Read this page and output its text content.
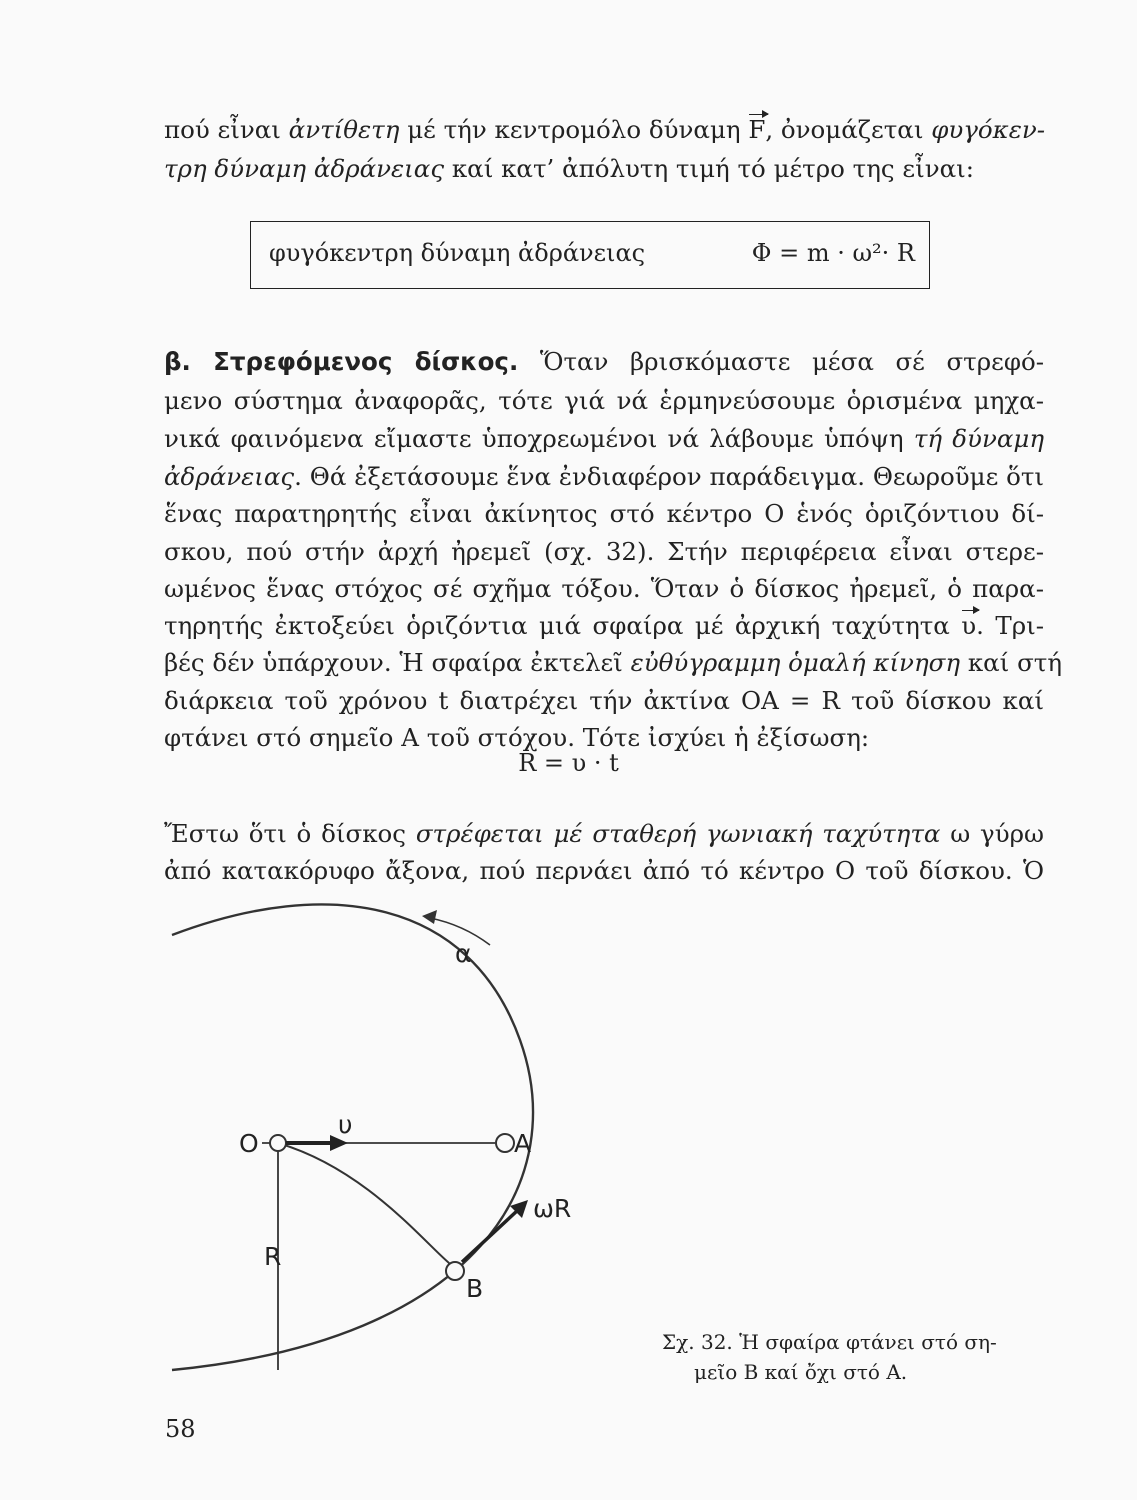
πού εἶναι ἀντίθετη μέ τήν κεντρομόλο δύναμη F, ὀνομάζεται φυγόκεν-
τρη δύναμη ἀδράνειας καί κατ’ ἀπόλυτη τιμή τό μέτρο της εἶναι:
φυγόκεντρη δύναμη ἀδράνειας	Φ = m · ω²· R
β. Στρεφόμενος δίσκος. Ὅταν βρισκόμαστε μέσα σέ στρεφό-
μενο σύστημα ἀναφορᾶς, τότε γιά νά ἑρμηνεύσουμε ὁρισμένα μηχα-
νικά φαινόμενα εἴμαστε ὑποχρεωμένοι νά λάβουμε ὑπόψη τή δύναμη
ἀδράνειας. Θά ἐξετάσουμε ἕνα ἐνδιαφέρον παράδειγμα. Θεωροῦμε ὅτι
ἕνας παρατηρητής εἶναι ἀκίνητος στό κέντρο Ο ἑνός ὁριζόντιου δί-
σκου, πού στήν ἀρχή ἠρεμεῖ (σχ. 32). Στήν περιφέρεια εἶναι στερε-
ωμένος ἕνας στόχος σέ σχῆμα τόξου. Ὅταν ὁ δίσκος ἠρεμεῖ, ὁ παρα-
τηρητής ἐκτοξεύει ὁριζόντια μιά σφαίρα μέ ἀρχική ταχύτητα υ. Τρι-
βές δέν ὑπάρχουν. Ἡ σφαίρα ἐκτελεῖ εὐθύγραμμη ὁμαλή κίνηση καί στή
διάρκεια τοῦ χρόνου t διατρέχει τήν ἀκτίνα ΟΑ = R τοῦ δίσκου καί
φτάνει στό σημεῖο Α τοῦ στόχου. Τότε ἰσχύει ἡ ἐξίσωση:
R = υ · t
Ἔστω ὅτι ὁ δίσκος στρέφεται μέ σταθερή γωνιακή ταχύτητα ω γύρω
ἀπό κατακόρυφο ἄξονα, πού περνάει ἀπό τό κέντρο Ο τοῦ δίσκου. Ὁ
α
O
υ
A
ωR
R
B
Σχ. 32. Ἡ σφαίρα φτάνει στό ση-
μεῖο Β καί ὄχι στό Α.
58
